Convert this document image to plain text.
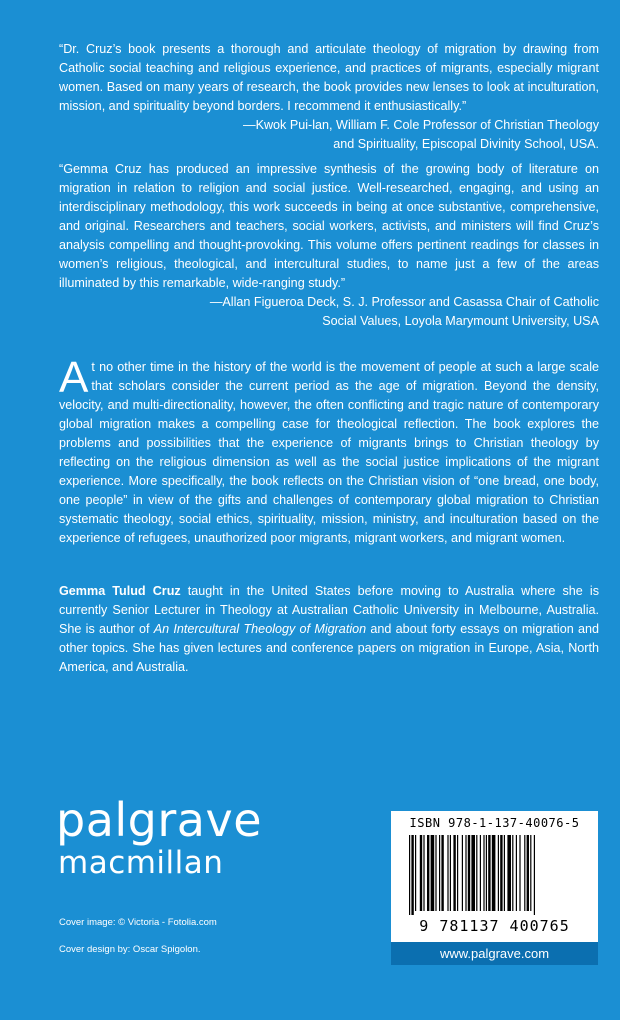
“Dr. Cruz’s book presents a thorough and articulate theology of migration by drawing from Catholic social teaching and religious experience, and practices of migrants, especially migrant women. Based on many years of research, the book provides new lenses to look at inculturation, mission, and spirituality beyond borders. I recommend it enthusiastically.”
—Kwok Pui-lan, William F. Cole Professor of Christian Theology
and Spirituality, Episcopal Divinity School, USA.
“Gemma Cruz has produced an impressive synthesis of the growing body of literature on migration in relation to religion and social justice. Well-researched, engaging, and using an interdisciplinary methodology, this work succeeds in being at once substantive, comprehensive, and original. Researchers and teachers, social workers, activists, and ministers will find Cruz’s analysis compelling and thought-provoking. This volume offers pertinent readings for classes in women’s religious, theological, and intercultural studies, to name just a few of the areas illuminated by this remarkable, wide-ranging study.”
—Allan Figueroa Deck, S. J. Professor and Casassa Chair of Catholic
Social Values, Loyola Marymount University, USA
At no other time in the history of the world is the movement of people at such a large scale that scholars consider the current period as the age of migration. Beyond the density, velocity, and multi-directionality, however, the often conflicting and tragic nature of contemporary global migration makes a compelling case for theological reflection. The book explores the problems and possibilities that the experience of migrants brings to Christian theology by reflecting on the religious dimension as well as the social justice implications of the migrant experience. More specifically, the book reflects on the Christian vision of “one bread, one body, one people” in view of the gifts and challenges of contemporary global migration to Christian systematic theology, social ethics, spirituality, mission, ministry, and inculturation based on the experience of refugees, unauthorized poor migrants, migrant workers, and migrant women.
Gemma Tulud Cruz taught in the United States before moving to Australia where she is currently Senior Lecturer in Theology at Australian Catholic University in Melbourne, Australia. She is author of An Intercultural Theology of Migration and about forty essays on migration and other topics. She has given lectures and conference papers on migration in Europe, Asia, North America, and Australia.
palgrave
macmillan
Cover image: © Victoria - Fotolia.com
Cover design by: Oscar Spigolon.
ISBN 978-1-137-40076-5
9 781137 400765
www.palgrave.com
